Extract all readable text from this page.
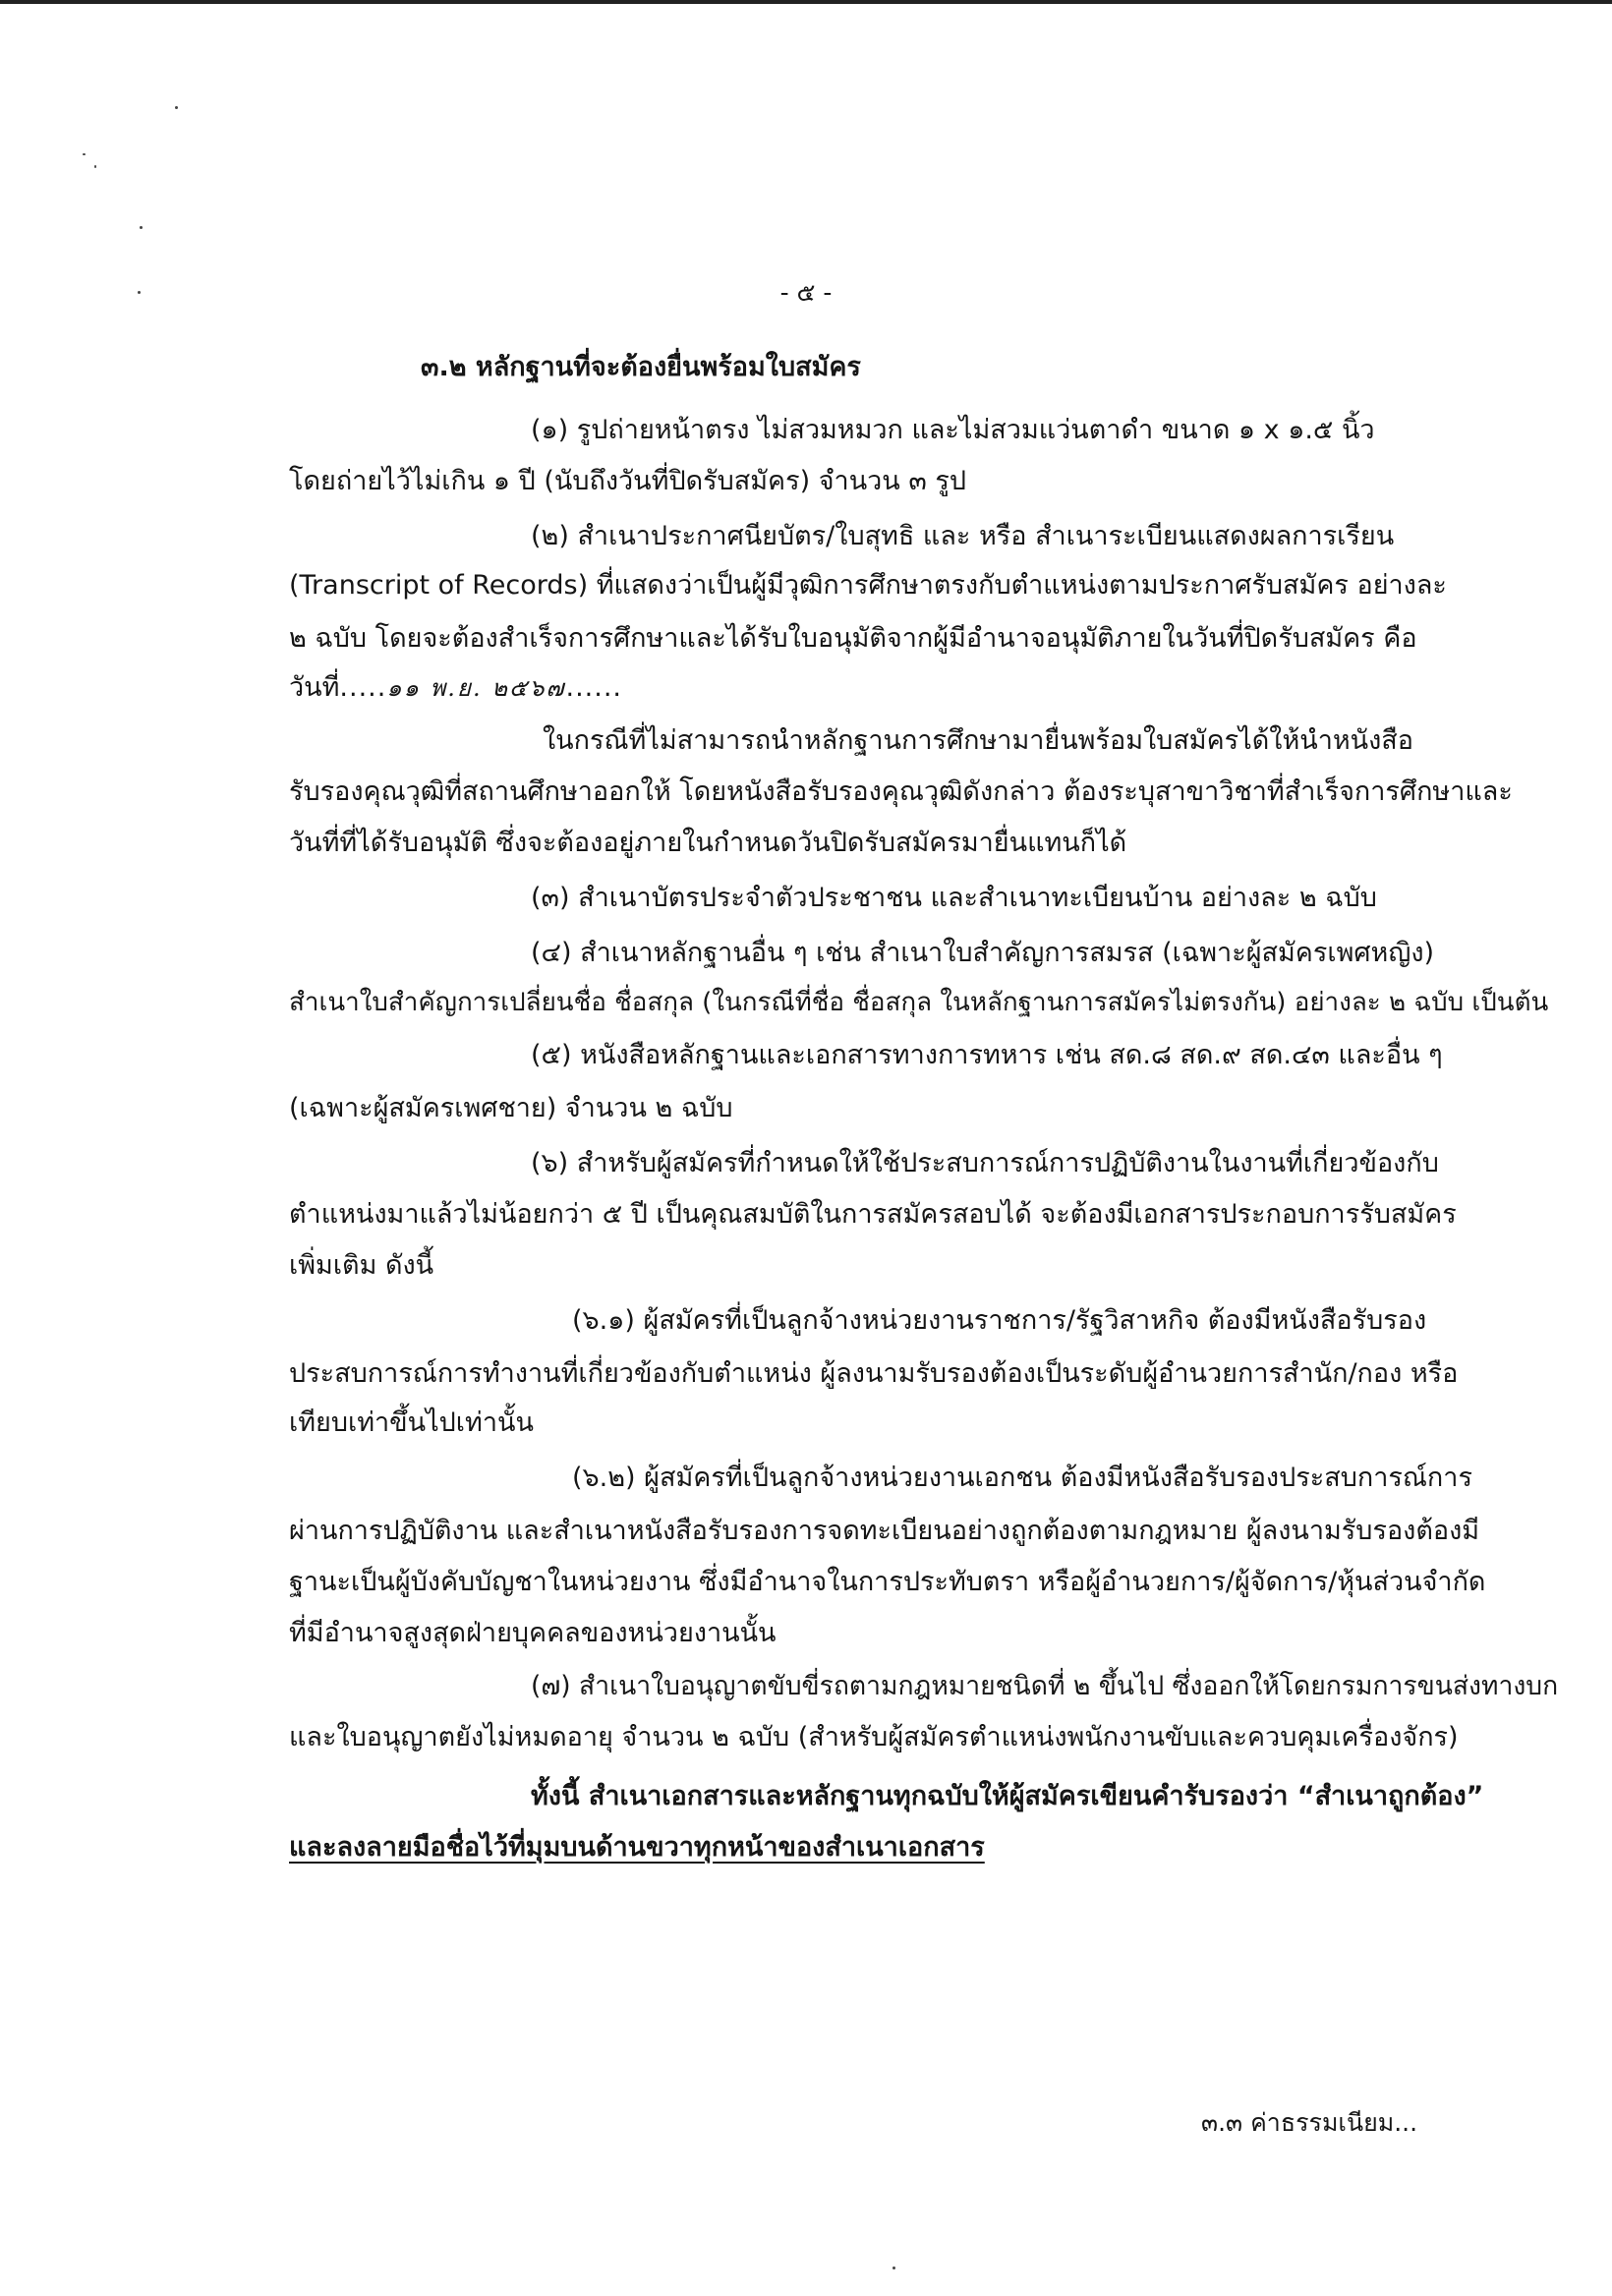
- ๕ -
๓.๒ หลักฐานที่จะต้องยื่นพร้อมใบสมัคร
(๑) รูปถ่ายหน้าตรง ไม่สวมหมวก และไม่สวมแว่นตาดำ ขนาด ๑ x ๑.๕ นิ้ว
โดยถ่ายไว้ไม่เกิน ๑ ปี (นับถึงวันที่ปิดรับสมัคร) จำนวน ๓ รูป
(๒) สำเนาประกาศนียบัตร/ใบสุทธิ และ หรือ สำเนาระเบียนแสดงผลการเรียน
(Transcript of Records) ที่แสดงว่าเป็นผู้มีวุฒิการศึกษาตรงกับตำแหน่งตามประกาศรับสมัคร อย่างละ
๒ ฉบับ โดยจะต้องสำเร็จการศึกษาและได้รับใบอนุมัติจากผู้มีอำนาจอนุมัติภายในวันที่ปิดรับสมัคร คือ
วันที่.....๑๑ พ.ย. ๒๕๖๗......
ในกรณีที่ไม่สามารถนำหลักฐานการศึกษามายื่นพร้อมใบสมัครได้ให้นำหนังสือ
รับรองคุณวุฒิที่สถานศึกษาออกให้ โดยหนังสือรับรองคุณวุฒิดังกล่าว ต้องระบุสาขาวิชาที่สำเร็จการศึกษาและ
วันที่ที่ได้รับอนุมัติ ซึ่งจะต้องอยู่ภายในกำหนดวันปิดรับสมัครมายื่นแทนก็ได้
(๓) สำเนาบัตรประจำตัวประชาชน และสำเนาทะเบียนบ้าน อย่างละ ๒ ฉบับ
(๔) สำเนาหลักฐานอื่น ๆ เช่น สำเนาใบสำคัญการสมรส (เฉพาะผู้สมัครเพศหญิง)
สำเนาใบสำคัญการเปลี่ยนชื่อ ชื่อสกุล (ในกรณีที่ชื่อ ชื่อสกุล ในหลักฐานการสมัครไม่ตรงกัน) อย่างละ ๒ ฉบับ เป็นต้น
(๕) หนังสือหลักฐานและเอกสารทางการทหาร เช่น สด.๘ สด.๙ สด.๔๓ และอื่น ๆ
(เฉพาะผู้สมัครเพศชาย) จำนวน ๒ ฉบับ
(๖) สำหรับผู้สมัครที่กำหนดให้ใช้ประสบการณ์การปฏิบัติงานในงานที่เกี่ยวข้องกับ
ตำแหน่งมาแล้วไม่น้อยกว่า ๕ ปี เป็นคุณสมบัติในการสมัครสอบได้ จะต้องมีเอกสารประกอบการรับสมัคร
เพิ่มเติม ดังนี้
(๖.๑) ผู้สมัครที่เป็นลูกจ้างหน่วยงานราชการ/รัฐวิสาหกิจ ต้องมีหนังสือรับรอง
ประสบการณ์การทำงานที่เกี่ยวข้องกับตำแหน่ง ผู้ลงนามรับรองต้องเป็นระดับผู้อำนวยการสำนัก/กอง หรือ
เทียบเท่าขึ้นไปเท่านั้น
(๖.๒) ผู้สมัครที่เป็นลูกจ้างหน่วยงานเอกชน ต้องมีหนังสือรับรองประสบการณ์การ
ผ่านการปฏิบัติงาน และสำเนาหนังสือรับรองการจดทะเบียนอย่างถูกต้องตามกฎหมาย ผู้ลงนามรับรองต้องมี
ฐานะเป็นผู้บังคับบัญชาในหน่วยงาน ซึ่งมีอำนาจในการประทับตรา หรือผู้อำนวยการ/ผู้จัดการ/หุ้นส่วนจำกัด
ที่มีอำนาจสูงสุดฝ่ายบุคคลของหน่วยงานนั้น
(๗) สำเนาใบอนุญาตขับขี่รถตามกฎหมายชนิดที่ ๒ ขึ้นไป ซึ่งออกให้โดยกรมการขนส่งทางบก
และใบอนุญาตยังไม่หมดอายุ จำนวน ๒ ฉบับ (สำหรับผู้สมัครตำแหน่งพนักงานขับและควบคุมเครื่องจักร)
ทั้งนี้ สำเนาเอกสารและหลักฐานทุกฉบับให้ผู้สมัครเขียนคำรับรองว่า “สำเนาถูกต้อง”
และลงลายมือชื่อไว้ที่มุมบนด้านขวาทุกหน้าของสำเนาเอกสาร
๓.๓ ค่าธรรมเนียม...
